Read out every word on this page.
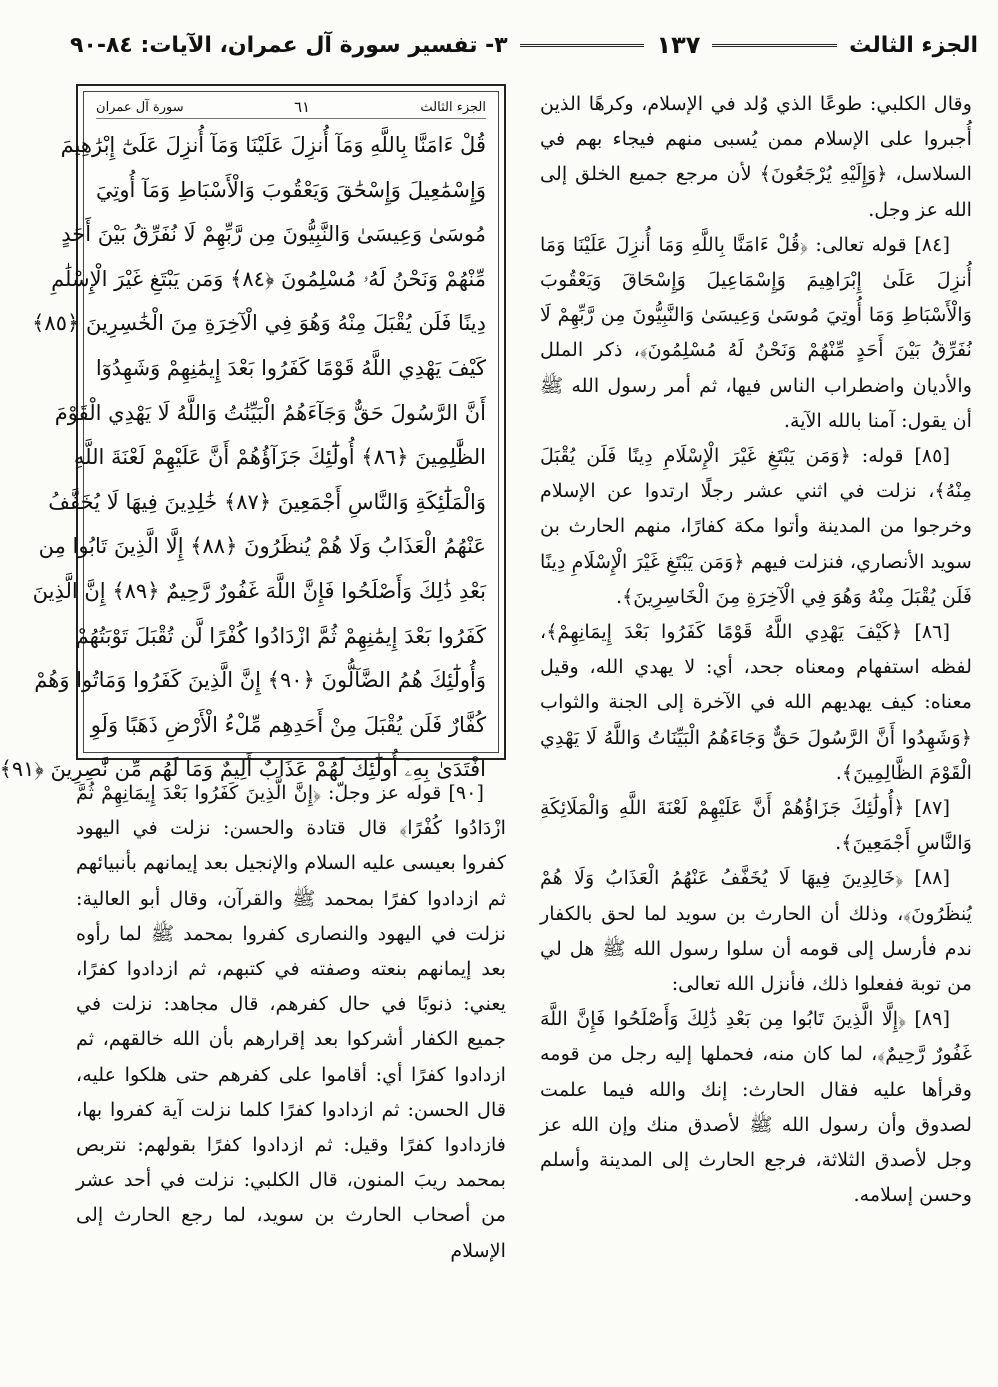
الجزء الثالث
١٣٧
٣- تفسير سورة آل عمران، الآيات: ٨٤-٩٠

وقال الكلبي: طوعًا الذي وُلد في الإسلام، وكرهًا الذين أُجبروا على الإسلام ممن يُسبى منهم فيجاء بهم في السلاسل، ﴿وَإِلَيْهِ يُرْجَعُونَ﴾ لأن مرجع جميع الخلق إلى الله عز وجل.

[٨٤] قوله تعالى: ﴿قُلْ ءَامَنَّا بِاللَّهِ وَمَا أُنزِلَ عَلَيْنَا وَمَا أُنزِلَ عَلَىٰ إِبْرَاهِيمَ وَإِسْمَاعِيلَ وَإِسْحَاقَ وَيَعْقُوبَ وَالْأَسْبَاطِ وَمَا أُوتِيَ مُوسَىٰ وَعِيسَىٰ وَالنَّبِيُّونَ مِن رَّبِّهِمْ لَا نُفَرِّقُ بَيْنَ أَحَدٍ مِّنْهُمْ وَنَحْنُ لَهُ مُسْلِمُونَ﴾، ذكر الملل والأديان واضطراب الناس فيها، ثم أمر رسول الله ﷺ أن يقول: آمنا بالله الآية.

[٨٥] قوله: ﴿وَمَن يَبْتَغِ غَيْرَ الْإِسْلَامِ دِينًا فَلَن يُقْبَلَ مِنْهُ﴾، نزلت في اثني عشر رجلًا ارتدوا عن الإسلام وخرجوا من المدينة وأتوا مكة كفارًا، منهم الحارث بن سويد الأنصاري، فنزلت فيهم ﴿وَمَن يَبْتَغِ غَيْرَ الْإِسْلَامِ دِينًا فَلَن يُقْبَلَ مِنْهُ وَهُوَ فِي الْآخِرَةِ مِنَ الْخَاسِرِينَ﴾.

[٨٦] ﴿كَيْفَ يَهْدِي اللَّهُ قَوْمًا كَفَرُوا بَعْدَ إِيمَانِهِمْ﴾، لفظه استفهام ومعناه جحد، أي: لا يهدي الله، وقيل معناه: كيف يهديهم الله في الآخرة إلى الجنة والثواب ﴿وَشَهِدُوا أَنَّ الرَّسُولَ حَقٌّ وَجَاءَهُمُ الْبَيِّنَاتُ وَاللَّهُ لَا يَهْدِي الْقَوْمَ الظَّالِمِينَ﴾.

[٨٧] ﴿أُولَٰئِكَ جَزَاؤُهُمْ أَنَّ عَلَيْهِمْ لَعْنَةَ اللَّهِ وَالْمَلَائِكَةِ وَالنَّاسِ أَجْمَعِينَ﴾.

[٨٨] ﴿خَالِدِينَ فِيهَا لَا يُخَفَّفُ عَنْهُمُ الْعَذَابُ وَلَا هُمْ يُنظَرُونَ﴾، وذلك أن الحارث بن سويد لما لحق بالكفار ندم فأرسل إلى قومه أن سلوا رسول الله ﷺ هل لي من توبة ففعلوا ذلك، فأنزل الله تعالى:

[٨٩] ﴿إِلَّا الَّذِينَ تَابُوا مِن بَعْدِ ذَٰلِكَ وَأَصْلَحُوا فَإِنَّ اللَّهَ غَفُورٌ رَّحِيمٌ﴾، لما كان منه، فحملها إليه رجل من قومه وقرأها عليه فقال الحارث: إنك والله فيما علمت لصدوق وأن رسول الله ﷺ لأصدق منك وإن الله عز وجل لأصدق الثلاثة، فرجع الحارث إلى المدينة وأسلم وحسن إسلامه.

الجزء الثالث
٦١
سورة آل عمران
قُلْ ءَامَنَّا بِاللَّهِ وَمَآ أُنزِلَ عَلَيْنَا وَمَآ أُنزِلَ عَلَىٰٓ إِبْرَٰهِيمَ
وَإِسْمَٰعِيلَ وَإِسْحَٰقَ وَيَعْقُوبَ وَالْأَسْبَاطِ وَمَآ أُوتِيَ
مُوسَىٰ وَعِيسَىٰ وَالنَّبِيُّونَ مِن رَّبِّهِمْ لَا نُفَرِّقُ بَيْنَ أَحَدٍ
مِّنْهُمْ وَنَحْنُ لَهُۥ مُسْلِمُونَ ﴿٨٤﴾ وَمَن يَبْتَغِ غَيْرَ الْإِسْلَٰمِ
دِينًا فَلَن يُقْبَلَ مِنْهُ وَهُوَ فِي الْآخِرَةِ مِنَ الْخَٰسِرِينَ ﴿٨٥﴾
كَيْفَ يَهْدِي اللَّهُ قَوْمًا كَفَرُوا بَعْدَ إِيمَٰنِهِمْ وَشَهِدُوٓا
أَنَّ الرَّسُولَ حَقٌّ وَجَآءَهُمُ الْبَيِّنَٰتُ وَاللَّهُ لَا يَهْدِي الْقَوْمَ
الظَّٰلِمِينَ ﴿٨٦﴾ أُولَٰٓئِكَ جَزَآؤُهُمْ أَنَّ عَلَيْهِمْ لَعْنَةَ اللَّهِ
وَالْمَلَٰٓئِكَةِ وَالنَّاسِ أَجْمَعِينَ ﴿٨٧﴾ خَٰلِدِينَ فِيهَا لَا يُخَفَّفُ
عَنْهُمُ الْعَذَابُ وَلَا هُمْ يُنظَرُونَ ﴿٨٨﴾ إِلَّا الَّذِينَ تَابُوا مِن
بَعْدِ ذَٰلِكَ وَأَصْلَحُوا فَإِنَّ اللَّهَ غَفُورٌ رَّحِيمٌ ﴿٨٩﴾ إِنَّ الَّذِينَ
كَفَرُوا بَعْدَ إِيمَٰنِهِمْ ثُمَّ ازْدَادُوا كُفْرًا لَّن تُقْبَلَ تَوْبَتُهُمْ
وَأُولَٰٓئِكَ هُمُ الضَّآلُّونَ ﴿٩٠﴾ إِنَّ الَّذِينَ كَفَرُوا وَمَاتُوا وَهُمْ
كُفَّارٌ فَلَن يُقْبَلَ مِنْ أَحَدِهِم مِّلْءُ الْأَرْضِ ذَهَبًا وَلَوِ
افْتَدَىٰ بِهِۦٓ أُولَٰٓئِكَ لَهُمْ عَذَابٌ أَلِيمٌ وَمَا لَهُم مِّن نَّٰصِرِينَ ﴿٩١﴾

[٩٠] قوله عز وجلّ: ﴿إِنَّ الَّذِينَ كَفَرُوا بَعْدَ إِيمَانِهِمْ ثُمَّ ازْدَادُوا كُفْرًا﴾ قال قتادة والحسن: نزلت في اليهود كفروا بعيسى عليه السلام والإنجيل بعد إيمانهم بأنبيائهم ثم ازدادوا كفرًا بمحمد ﷺ والقرآن، وقال أبو العالية: نزلت في اليهود والنصارى كفروا بمحمد ﷺ لما رأوه بعد إيمانهم بنعته وصفته في كتبهم، ثم ازدادوا كفرًا، يعني: ذنوبًا في حال كفرهم، قال مجاهد: نزلت في جميع الكفار أشركوا بعد إقرارهم بأن الله خالقهم، ثم ازدادوا كفرًا أي: أقاموا على كفرهم حتى هلكوا عليه، قال الحسن: ثم ازدادوا كفرًا كلما نزلت آية كفروا بها، فازدادوا كفرًا وقيل: ثم ازدادوا كفرًا بقولهم: نتربص بمحمد ريبَ المنون، قال الكلبي: نزلت في أحد عشر من أصحاب الحارث بن سويد، لما رجع الحارث إلى الإسلام
